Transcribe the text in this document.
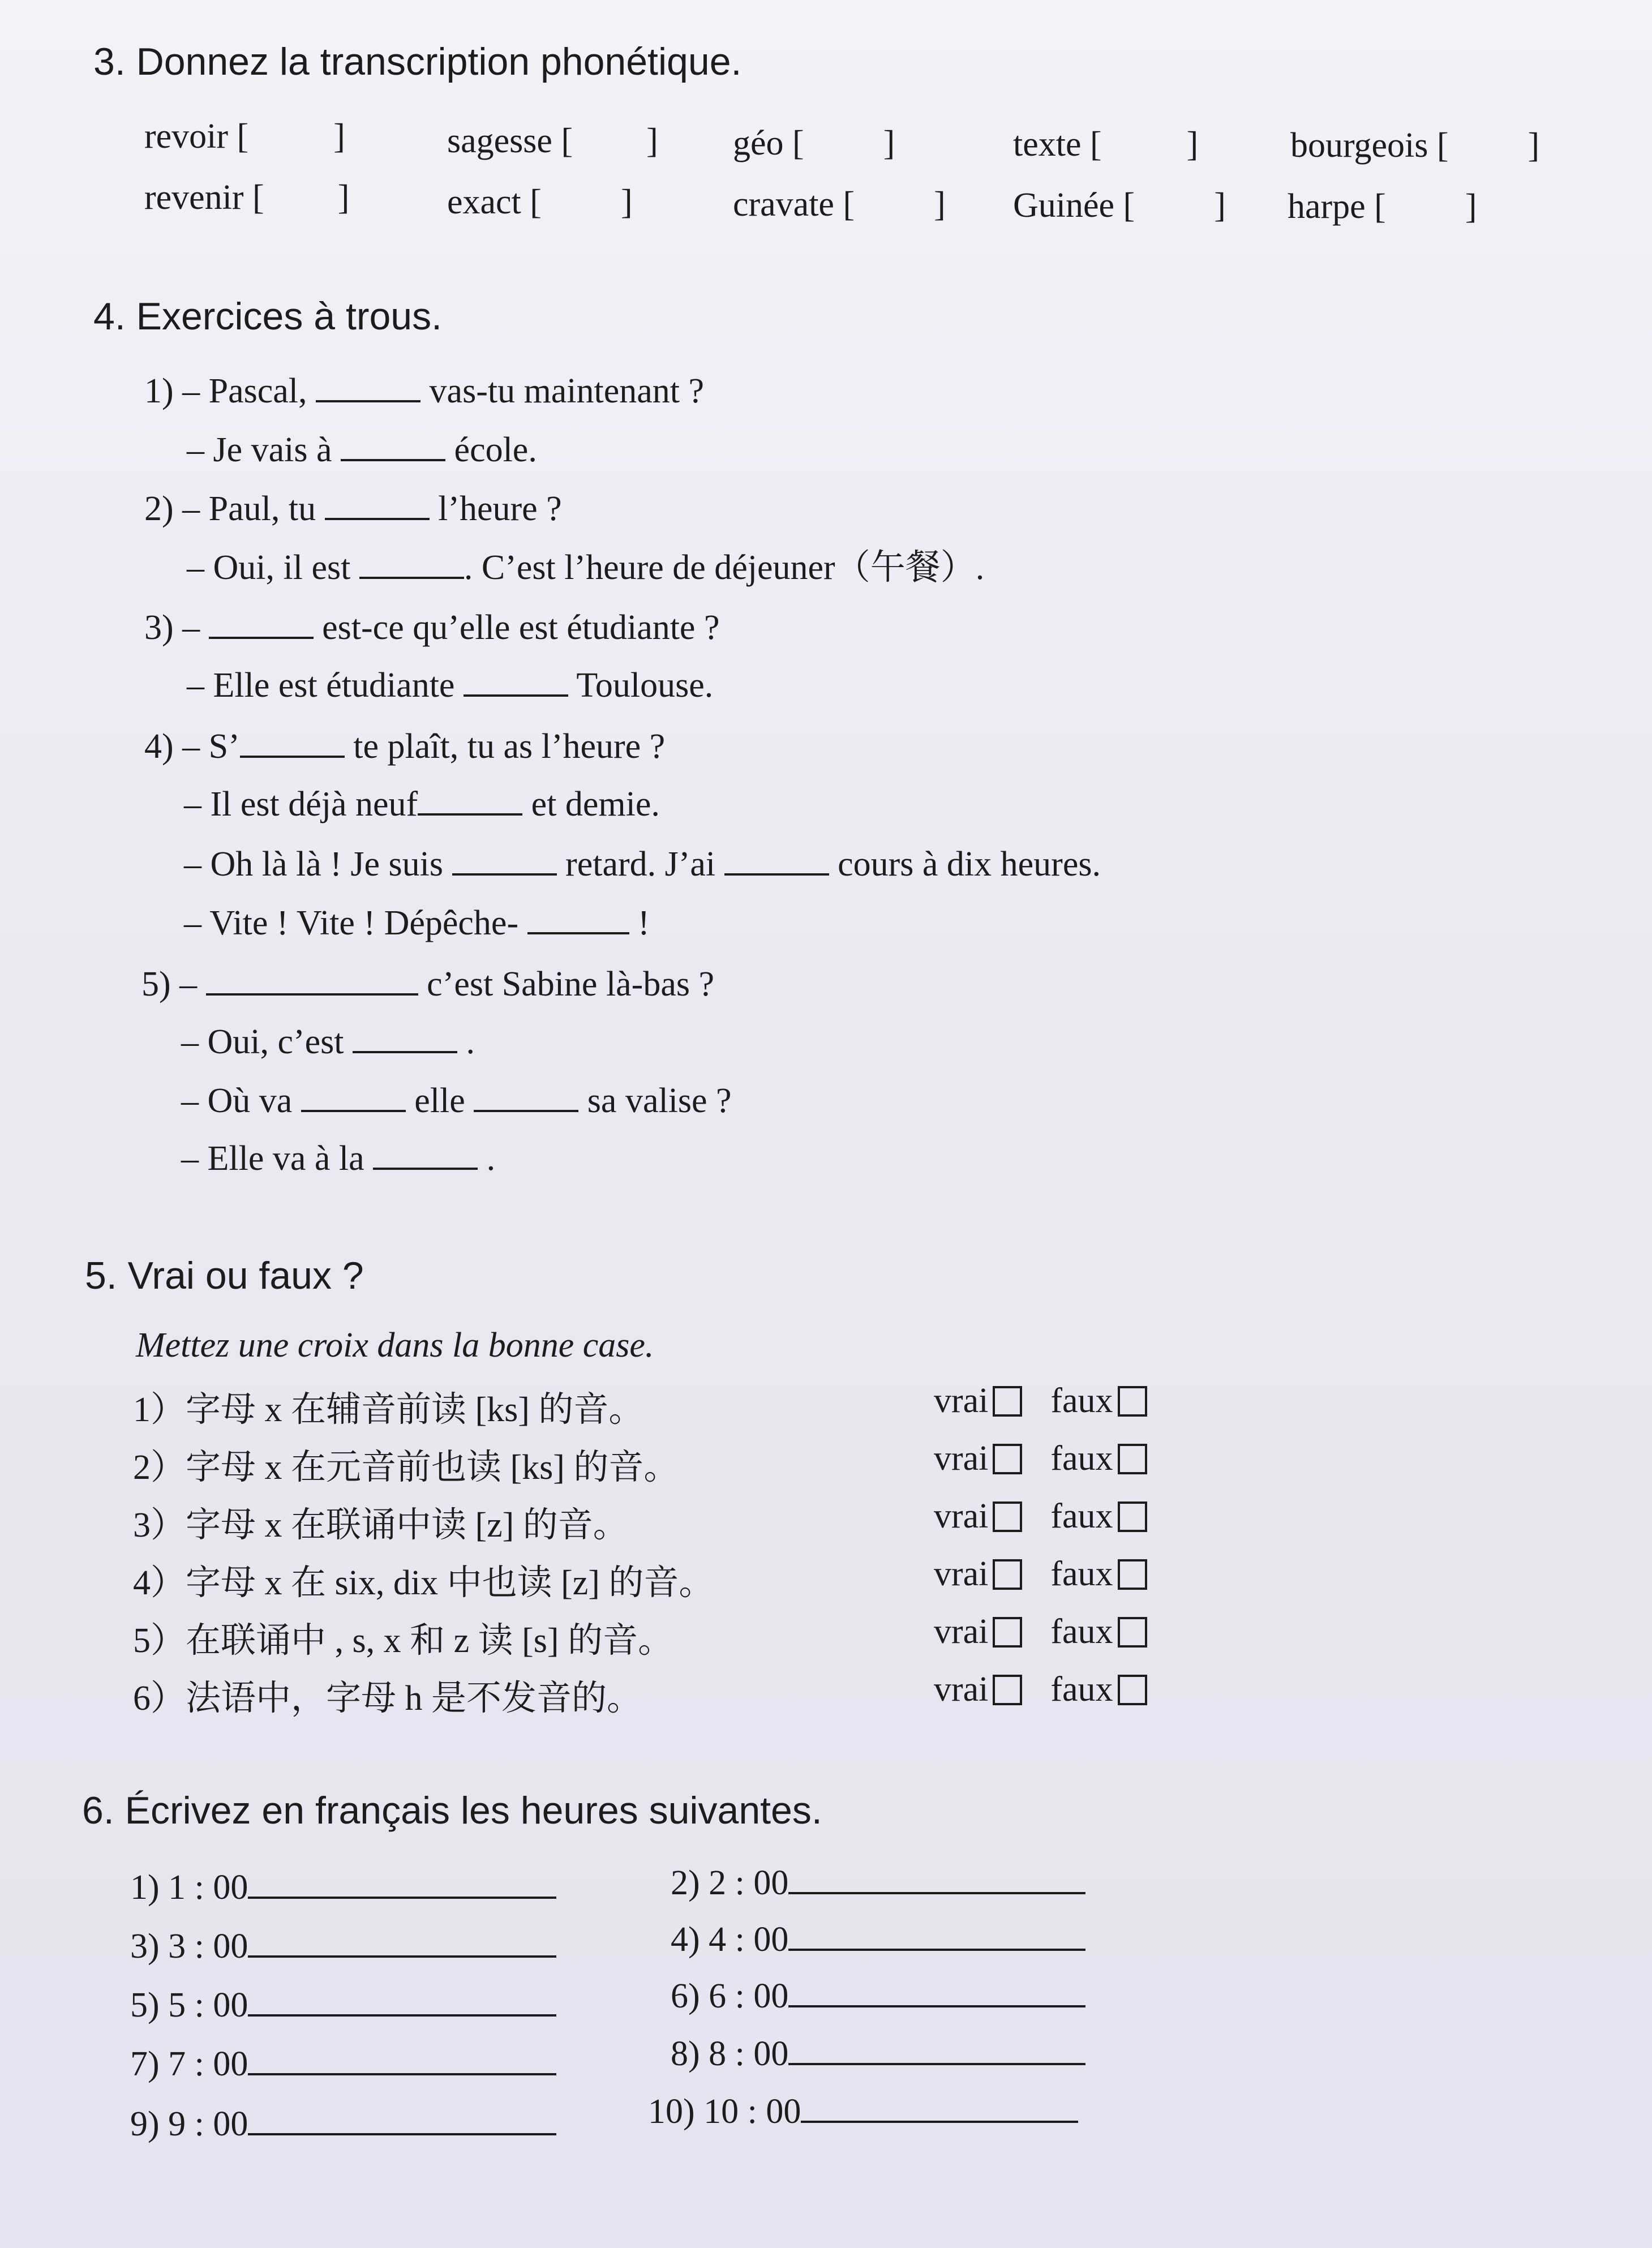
3. Donnez la transcription phonétique.
revoir [ ]	sagesse [ ] géo [ ]	texte [ ]	bourgeois [ ]
revenir [ ]	exact [ ]	cravate [ ] Guinée [ ] harpe [ ]
4. Exercices à trous.
1) – Pascal,	vas-tu maintenant ?
– Je vais à	école.
2) – Paul, tu	l’heure ?
– Oui, il est	. C’est l’heure de déjeuner（午餐）.
3) –	est-ce qu’elle est étudiante ?
– Elle est étudiante	Toulouse.
4) – S’	te plaît, tu as l’heure ?
– Il est déjà neuf	et demie.
– Oh là là ! Je suis	retard. J’ai	cours à dix heures.
– Vite ! Vite ! Dépêche-	!
5) –	c’est Sabine là-bas ?
– Oui, c’est	.
– Où va	elle	sa valise ?
– Elle va à la	.
5. Vrai ou faux ?
Mettez une croix dans la bonne case.
1）字母 x 在辅音前读 [ks] 的音。	vrai faux
2）字母 x 在元音前也读 [ks] 的音。	vrai faux
3）字母 x 在联诵中读 [z] 的音。	vrai faux
4）字母 x 在 six, dix 中也读 [z] 的音。	vrai faux
5）在联诵中 , s, x 和 z 读 [s] 的音。	vrai faux
6）法语中，字母 h 是不发音的。	vrai faux
6. Écrivez en français les heures suivantes.
1) 1 : 00
3) 3 : 00
5) 5 : 00
7) 7 : 00
9) 9 : 00
2) 2 : 00
4) 4 : 00
6) 6 : 00
8) 8 : 00
10) 10 : 00
